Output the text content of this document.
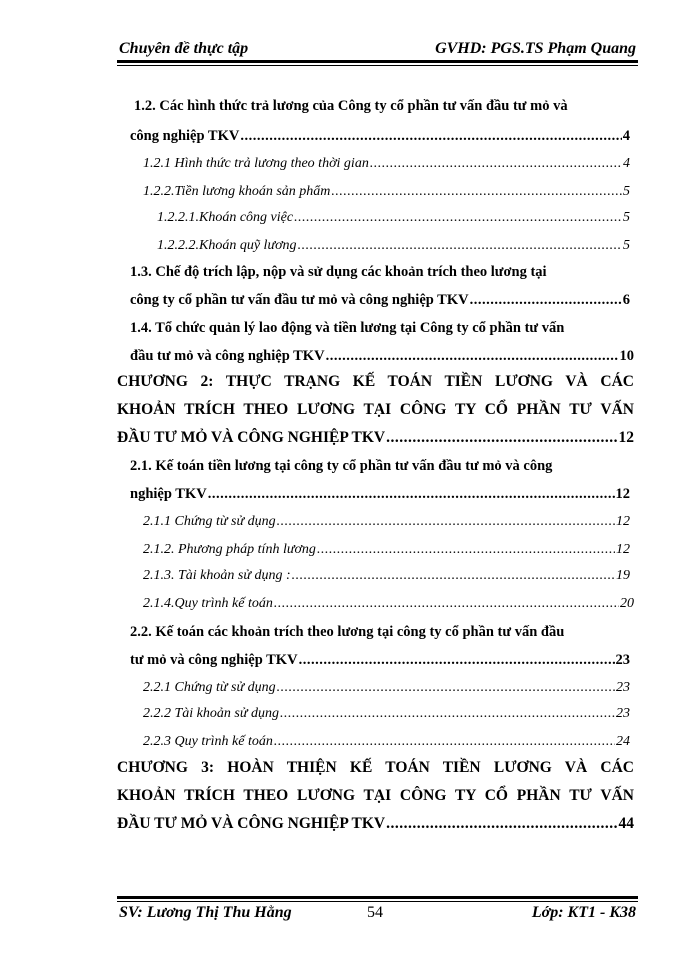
Chuyên đề thực tập	GVHD: PGS.TS Phạm Quang
1.2. Các hình thức trả lương của Công ty cổ phần tư vấn đầu tư mỏ và
công nghiệp TKV .....	4
1.2.1 Hình thức trả lương theo thời gian .....	4
1.2.2.Tiền lương khoán sản phẩm .....	5
1.2.2.1.Khoán công việc .....	5
1.2.2.2.Khoán quỹ lương .....	5
1.3. Chế độ trích lập, nộp và sử dụng các khoản trích theo lương tại
công ty cổ phần tư vấn đầu tư mỏ và công nghiệp TKV .....	6
1.4. Tổ chức quản lý lao động và tiền lương tại Công ty cổ phần tư vấn
đầu tư mỏ và công nghiệp TKV .....	10
CHƯƠNG 2: THỰC TRẠNG KẾ TOÁN TIỀN LƯƠNG VÀ CÁC
KHOẢN TRÍCH THEO LƯƠNG TẠI CÔNG TY CỔ PHẦN TƯ VẤN
ĐẦU TƯ MỎ VÀ CÔNG NGHIỆP TKV .....	12
2.1. Kế toán tiền lương tại công ty cổ phần tư vấn đầu tư mỏ và công
nghiệp TKV .....	12
2.1.1 Chứng từ sử dụng .....	12
2.1.2. Phương pháp tính lương .....	12
2.1.3. Tài khoản sử dụng : .....	19
2.1.4.Quy trình kế toán .....	20
2.2. Kế toán các khoản trích theo lương tại công ty cổ phần tư vấn đầu
tư mỏ và công nghiệp TKV .....	23
2.2.1 Chứng từ sử dụng .....	23
2.2.2 Tài khoản sử dụng .....	23
2.2.3 Quy trình kế toán .....	24
CHƯƠNG 3: HOÀN THIỆN KẾ TOÁN TIỀN LƯƠNG VÀ CÁC
KHOẢN TRÍCH THEO LƯƠNG TẠI CÔNG TY CỔ PHẦN TƯ VẤN
ĐẦU TƯ MỎ VÀ CÔNG NGHIỆP TKV .....	44
SV: Lương Thị Thu Hằng	54	Lớp: KT1 - K38
